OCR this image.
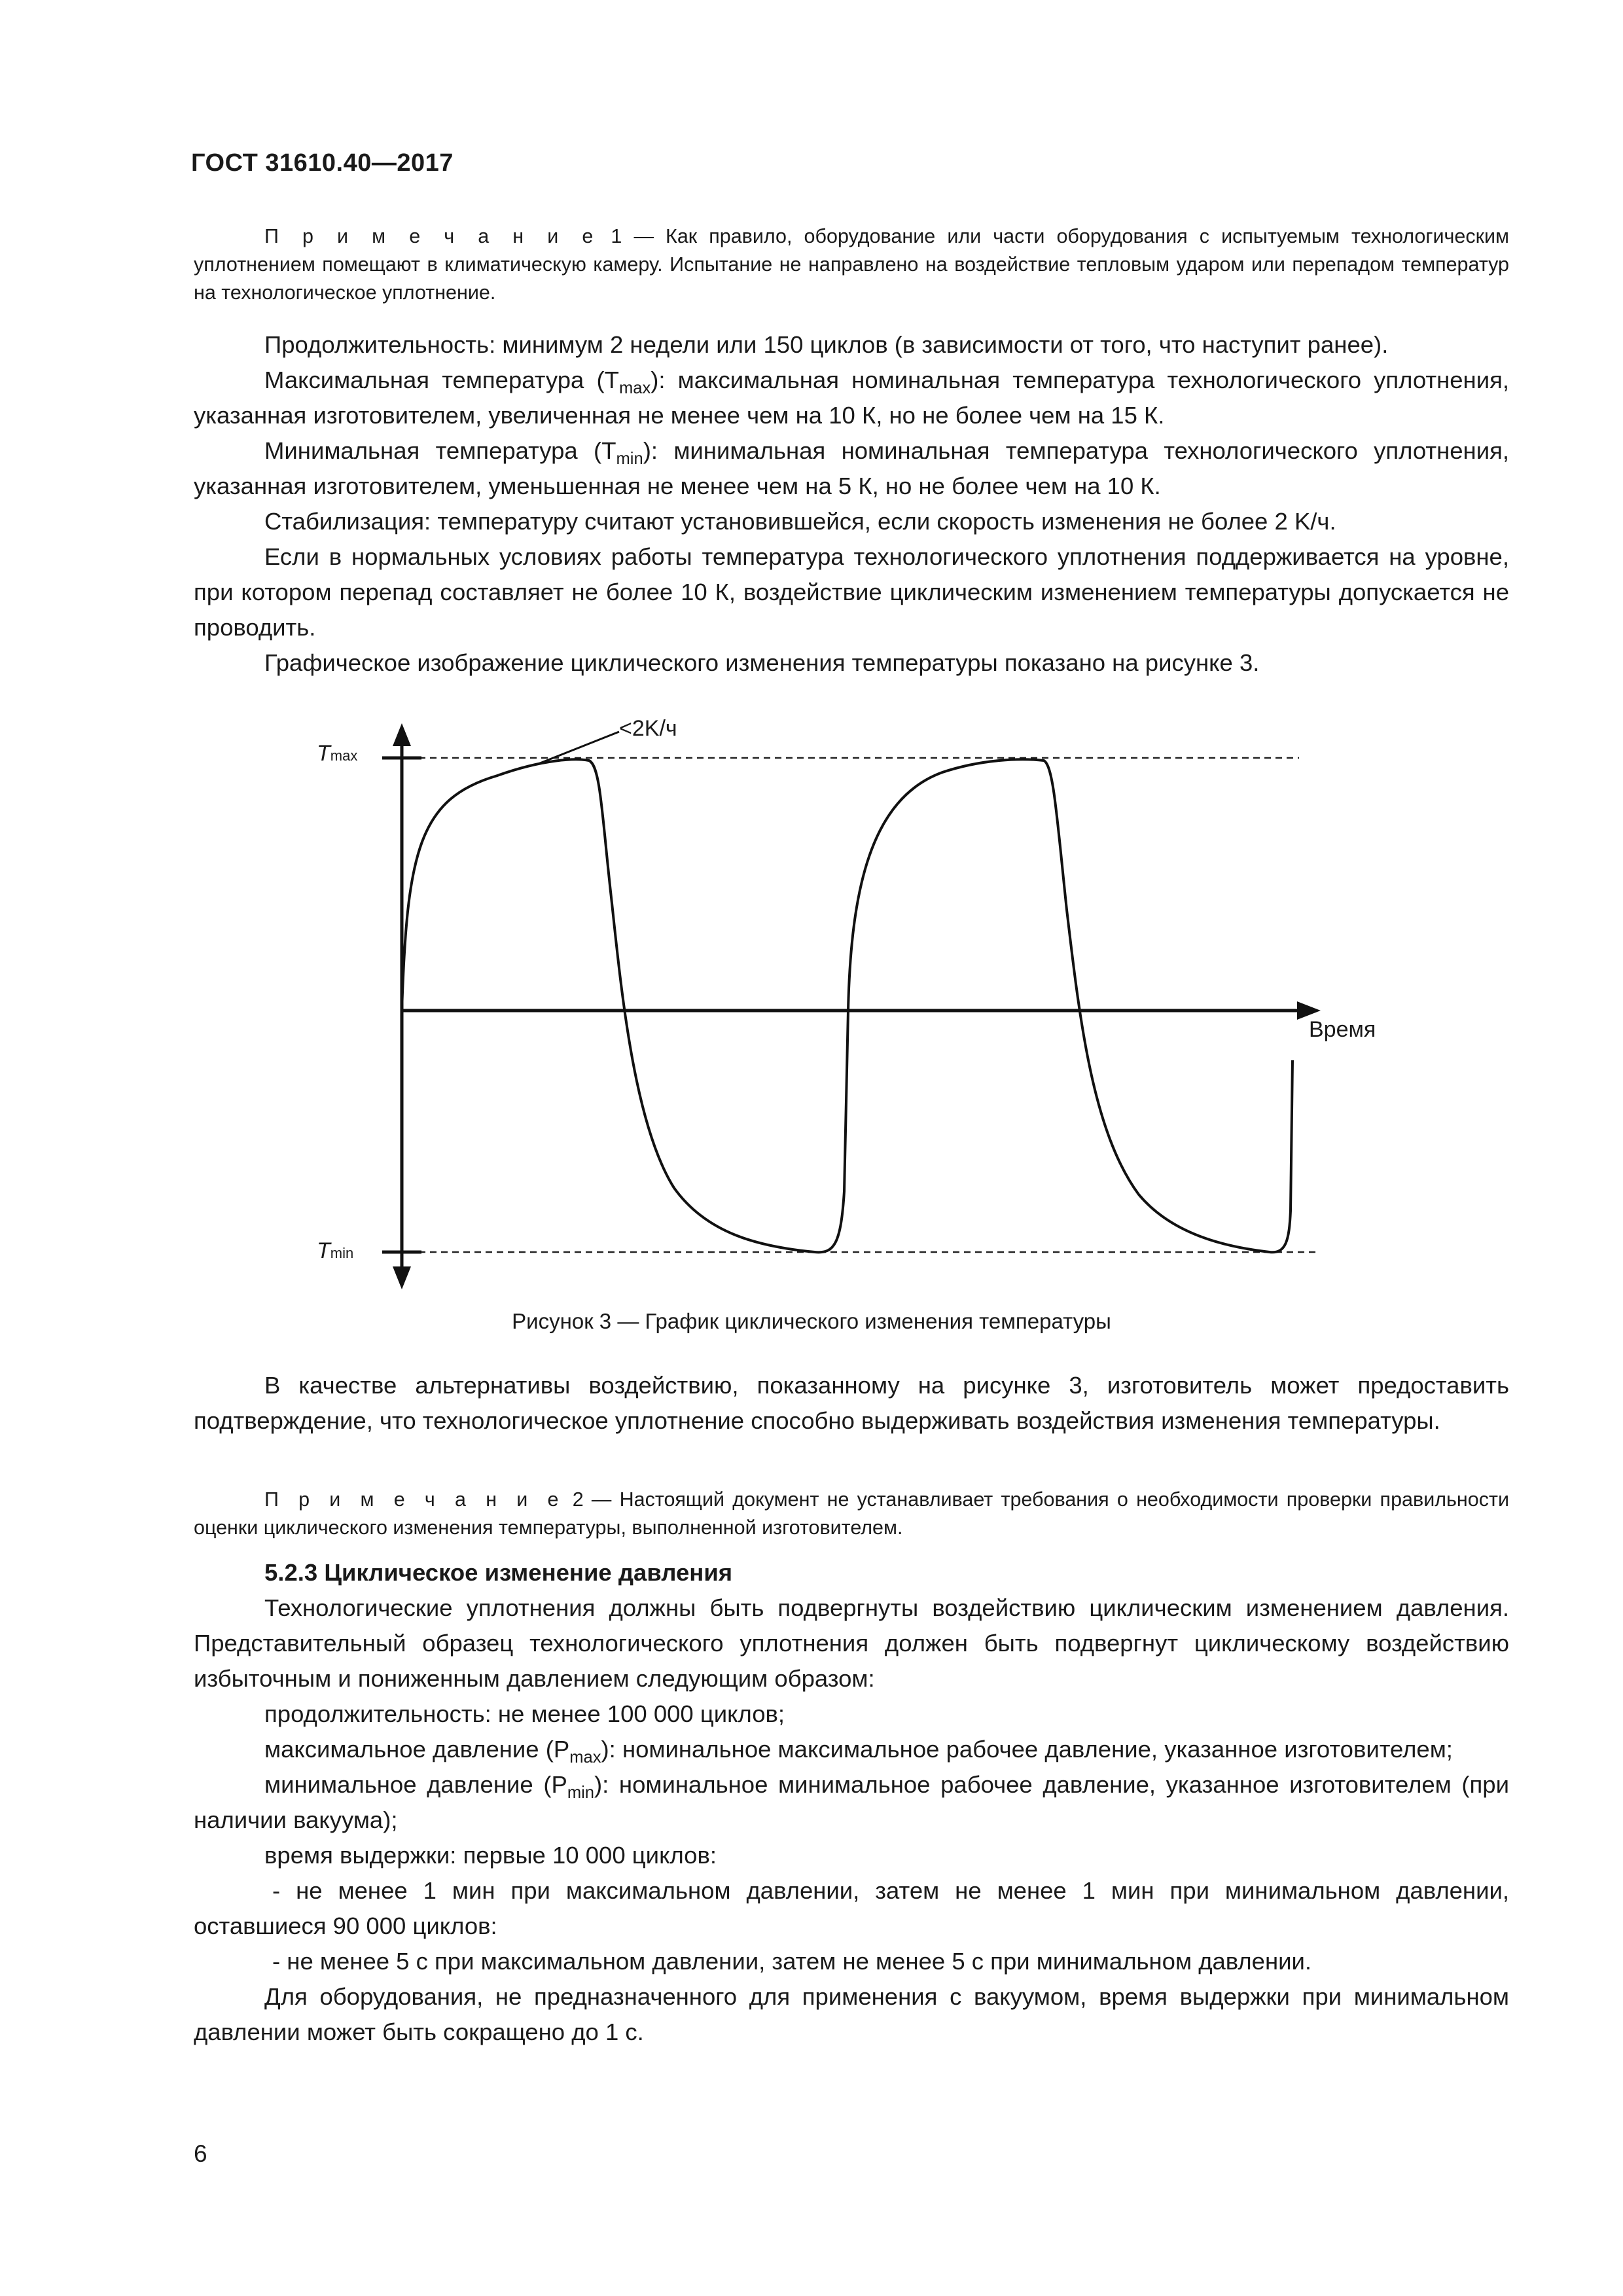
ГОСТ 31610.40—2017

П р и м е ч а н и е 1 — Как правило, оборудование или части оборудования с испытуемым технологическим уплотнением помещают в климатическую камеру. Испытание не направлено на воздействие тепловым ударом или перепадом температур на технологическое уплотнение.

Продолжительность: минимум 2 недели или 150 циклов (в зависимости от того, что наступит ранее).

Максимальная температура $(T_{max})$: максимальная номинальная температура технологического уплотнения, указанная изготовителем, увеличенная не менее чем на 10 К, но не более чем на 15 К.

Минимальная температура $(T_{min})$: минимальная номинальная температура технологического уплотнения, указанная изготовителем, уменьшенная не менее чем на 5 К, но не более чем на 10 К.

Стабилизация: температуру считают установившейся, если скорость изменения не более 2 K/ч.

Если в нормальных условиях работы температура технологического уплотнения поддерживается на уровне, при котором перепад составляет не более 10 К, воздействие циклическим изменением температуры допускается не проводить.

Графическое изображение циклического изменения температуры показано на рисунке 3.

Tmax
Tmin
<2K/ч
Время
Рисунок 3 — График циклического изменения температуры

В качестве альтернативы воздействию, показанному на рисунке 3, изготовитель может предоставить подтверждение, что технологическое уплотнение способно выдерживать воздействия изменения температуры.

П р и м е ч а н и е 2 — Настоящий документ не устанавливает требования о необходимости проверки правильности оценки циклического изменения температуры, выполненной изготовителем.

5.2.3 Циклическое изменение давления

Технологические уплотнения должны быть подвергнуты воздействию циклическим изменением давления. Представительный образец технологического уплотнения должен быть подвергнут циклическому воздействию избыточным и пониженным давлением следующим образом:

продолжительность: не менее 100 000 циклов;

максимальное давление $(P_{max})$: номинальное максимальное рабочее давление, указанное изготовителем;

минимальное давление $(P_{min})$: номинальное минимальное рабочее давление, указанное изготовителем (при наличии вакуума);

время выдержки: первые 10 000 циклов:

- не менее 1 мин при максимальном давлении, затем не менее 1 мин при минимальном давлении, оставшиеся 90 000 циклов:

- не менее 5 с при максимальном давлении, затем не менее 5 с при минимальном давлении.

Для оборудования, не предназначенного для применения с вакуумом, время выдержки при минимальном давлении может быть сокращено до 1 с.

6
